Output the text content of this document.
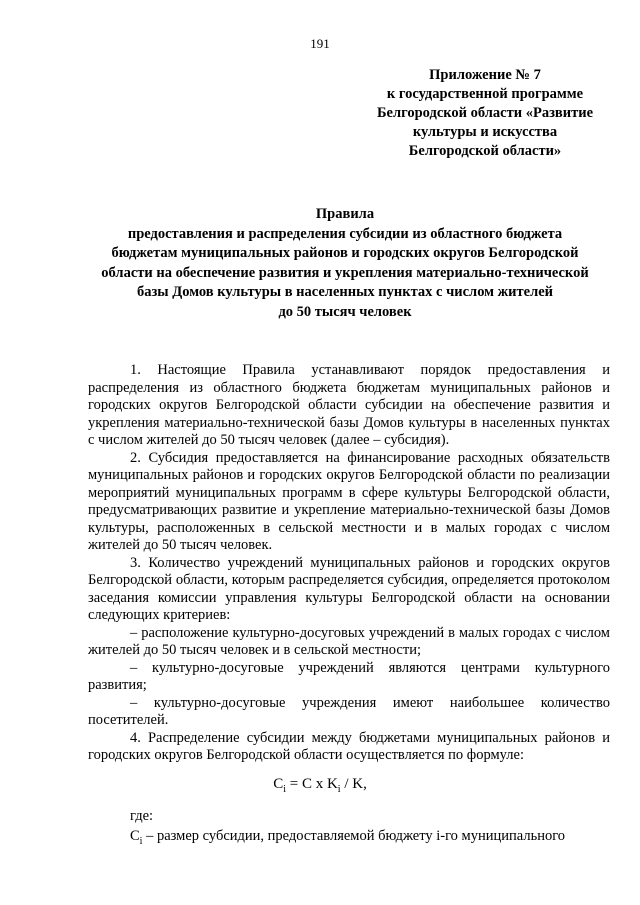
191
Приложение № 7
к государственной программе
Белгородской области «Развитие
культуры и искусства
Белгородской области»
Правила
предоставления и распределения субсидии из областного бюджета
бюджетам муниципальных районов и городских округов Белгородской
области на обеспечение развития и укрепления материально-технической
базы Домов культуры в населенных пунктах с числом жителей
до 50 тысяч человек

1. Настоящие Правила устанавливают порядок предоставления и распределения из областного бюджета бюджетам муниципальных районов и городских округов Белгородской области субсидии на обеспечение развития и укрепления материально-технической базы Домов культуры в населенных пунктах с числом жителей до 50 тысяч человек (далее – субсидия).

2. Субсидия предоставляется на финансирование расходных обязательств муниципальных районов и городских округов Белгородской области по реализации мероприятий муниципальных программ в сфере культуры Белгородской области, предусматривающих развитие и укрепление материально-технической базы Домов культуры, расположенных в сельской местности и в малых городах с числом жителей до 50 тысяч человек.

3. Количество учреждений муниципальных районов и городских округов Белгородской области, которым распределяется субсидия, определяется протоколом заседания комиссии управления культуры Белгородской области на основании следующих критериев:

– расположение культурно-досуговых учреждений в малых городах с числом жителей до 50 тысяч человек и в сельской местности;

– культурно-досуговые учреждений являются центрами культурного развития;

– культурно-досуговые учреждения имеют наибольшее количество посетителей.

4. Распределение субсидии между бюджетами муниципальных районов и городских округов Белгородской области осуществляется по формуле:

$C_i = C$ x $K_i$ / K,
где:
$C_i$ – размер субсидии, предоставляемой бюджету i-го муниципального
